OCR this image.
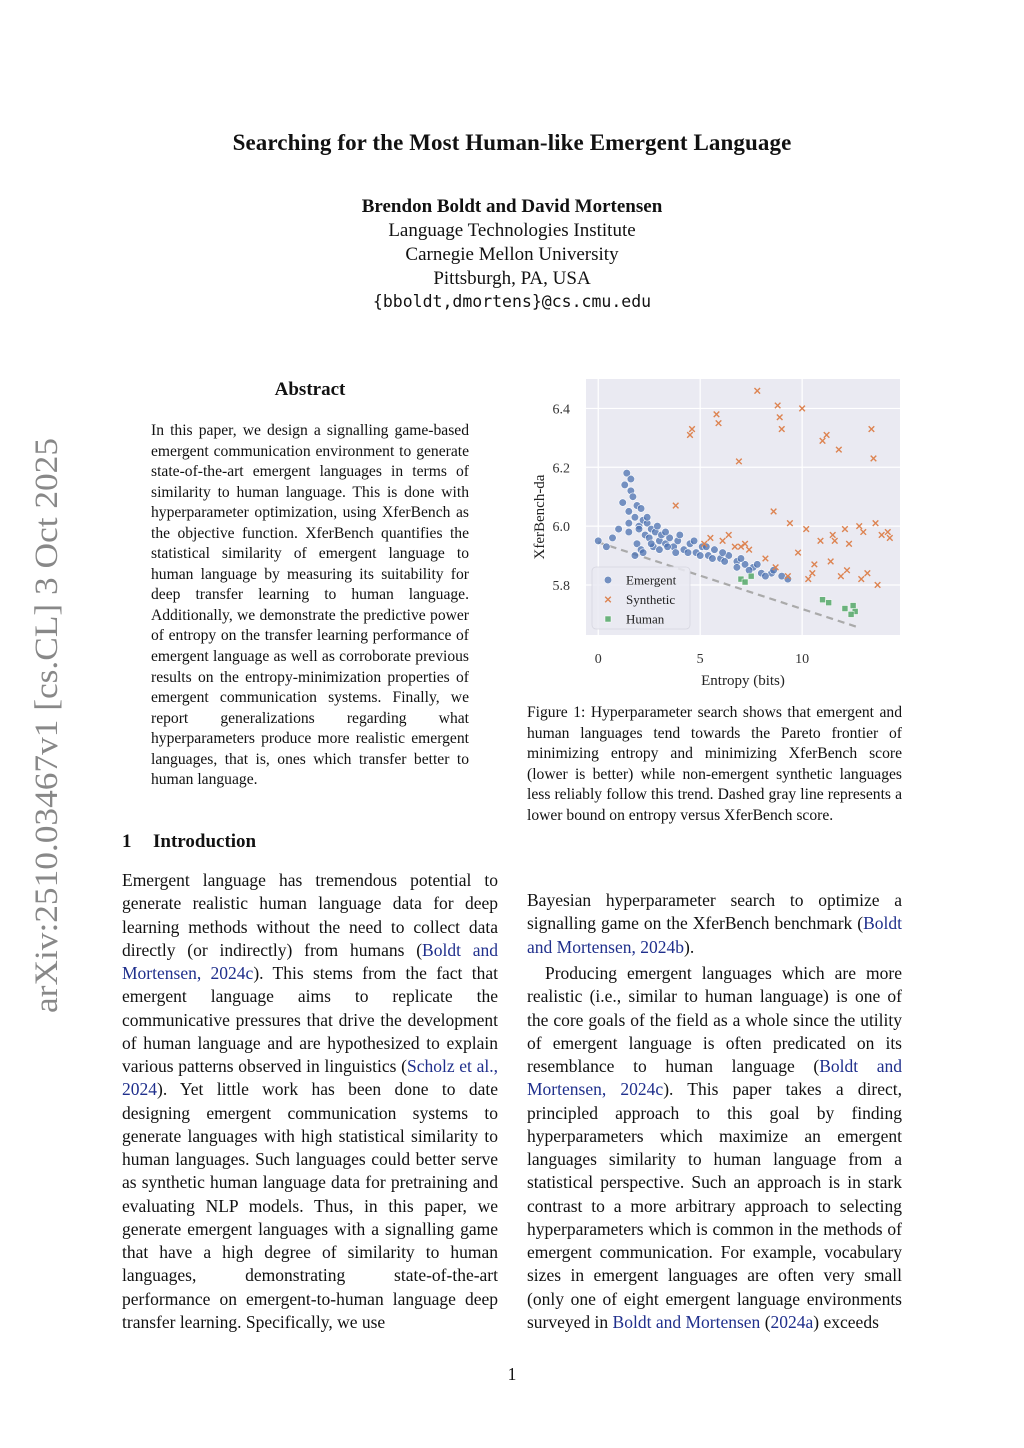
arXiv:2510.03467v1 [cs.CL] 3 Oct 2025
Searching for the Most Human-like Emergent Language
Brendon Boldt and David Mortensen
Language Technologies Institute
Carnegie Mellon University
Pittsburgh, PA, USA
{bboldt,dmortens}@cs.cmu.edu
Abstract
In this paper, we design a signalling game-based emergent communication environment to generate state-of-the-art emergent languages in terms of similarity to human language. This is done with hyperparameter optimization, using XferBench as the objective function. XferBench quantifies the statistical similarity of emergent language to human language by measuring its suitability for deep transfer learning to human language. Additionally, we demonstrate the predictive power of entropy on the transfer learning performance of emergent language as well as corroborate previous results on the entropy-minimization properties of emergent communication systems. Finally, we report generalizations regarding what hyperparameters produce more realistic emergent languages, that is, ones which transfer better to human language.
1 Introduction
Emergent language has tremendous potential to generate realistic human language data for deep learning methods without the need to collect data directly (or indirectly) from humans (Boldt and Mortensen, 2024c). This stems from the fact that emergent language aims to replicate the communicative pressures that drive the development of human language and are hypothesized to explain various patterns observed in linguistics (Scholz et al., 2024). Yet little work has been done to date designing emergent communication systems to generate languages with high statistical similarity to human languages. Such languages could better serve as synthetic human language data for pretraining and evaluating NLP models. Thus, in this paper, we generate emergent languages with a signalling game that have a high degree of similarity to human languages, demonstrating state-of-the-art performance on emergent-to-human language deep transfer learning. Specifically, we use
0	5	10
5.8
6.0
6.2
6.4
Entropy (bits)
XferBench-da
Emergent
Synthetic
Human
Figure 1: Hyperparameter search shows that emergent and human languages tend towards the Pareto frontier of minimizing entropy and minimizing XferBench score (lower is better) while non-emergent synthetic languages less reliably follow this trend. Dashed gray line represents a lower bound on entropy versus XferBench score.
Bayesian hyperparameter search to optimize a signalling game on the XferBench benchmark (Boldt and Mortensen, 2024b).
Producing emergent languages which are more realistic (i.e., similar to human language) is one of the core goals of the field as a whole since the utility of emergent language is often predicated on its resemblance to human language (Boldt and Mortensen, 2024c). This paper takes a direct, principled approach to this goal by finding hyperparameters which maximize an emergent languages similarity to human language from a statistical perspective. Such an approach is in stark contrast to a more arbitrary approach to selecting hyperparameters which is common in the methods of emergent communication. For example, vocabulary sizes in emergent languages are often very small (only one of eight emergent language environments surveyed in Boldt and Mortensen (2024a) exceeds
1
